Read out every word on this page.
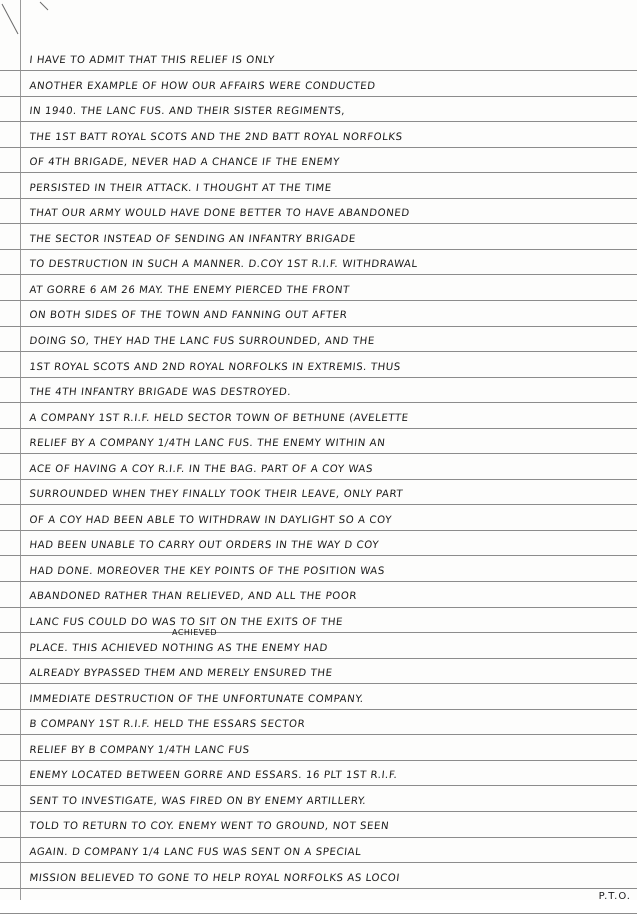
I HAVE TO ADMIT THAT THIS RELIEF IS ONLY
ANOTHER EXAMPLE OF HOW OUR AFFAIRS WERE CONDUCTED
IN 1940. THE LANC FUS. AND THEIR SISTER REGIMENTS,
THE 1ST BATT ROYAL SCOTS AND THE 2ND BATT ROYAL NORFOLKS
OF 4TH BRIGADE, NEVER HAD A CHANCE IF THE ENEMY
PERSISTED IN THEIR ATTACK. I THOUGHT AT THE TIME
THAT OUR ARMY WOULD HAVE DONE BETTER TO HAVE ABANDONED
THE SECTOR INSTEAD OF SENDING AN INFANTRY BRIGADE
TO DESTRUCTION IN SUCH A MANNER. D.COY 1ST R.I.F. WITHDRAWAL
AT GORRE 6 AM 26 MAY. THE ENEMY PIERCED THE FRONT
ON BOTH SIDES OF THE TOWN AND FANNING OUT AFTER
DOING SO, THEY HAD THE LANC FUS SURROUNDED, AND THE
1ST ROYAL SCOTS AND 2ND ROYAL NORFOLKS IN EXTREMIS. THUS
THE 4TH INFANTRY BRIGADE WAS DESTROYED.
A COMPANY 1ST R.I.F. HELD SECTOR TOWN OF BETHUNE (AVELETTE
RELIEF BY A COMPANY 1/4TH LANC FUS. THE ENEMY WITHIN AN
ACE OF HAVING A COY R.I.F. IN THE BAG. PART OF A COY WAS
SURROUNDED WHEN THEY FINALLY TOOK THEIR LEAVE, ONLY PART
OF A COY HAD BEEN ABLE TO WITHDRAW IN DAYLIGHT SO A COY
HAD BEEN UNABLE TO CARRY OUT ORDERS IN THE WAY D COY
HAD DONE. MOREOVER THE KEY POINTS OF THE POSITION WAS
ABANDONED RATHER THAN RELIEVED, AND ALL THE POOR
LANC FUS COULD DO WAS TO SIT ON THE EXITS OF THE
PLACE. THIS ACHIEVED NOTHING AS THE ENEMY HAD
ALREADY BYPASSED THEM AND MERELY ENSURED THE
IMMEDIATE DESTRUCTION OF THE UNFORTUNATE COMPANY.
B COMPANY 1ST R.I.F. HELD THE ESSARS SECTOR
RELIEF BY B COMPANY 1/4TH LANC FUS
ENEMY LOCATED BETWEEN GORRE AND ESSARS. 16 PLT 1ST R.I.F.
SENT TO INVESTIGATE, WAS FIRED ON BY ENEMY ARTILLERY.
TOLD TO RETURN TO COY. ENEMY WENT TO GROUND, NOT SEEN
AGAIN. D COMPANY 1/4 LANC FUS WAS SENT ON A SPECIAL
MISSION BELIEVED TO GONE TO HELP ROYAL NORFOLKS AS LOCOI
ACHIEVED
P.T.O.
